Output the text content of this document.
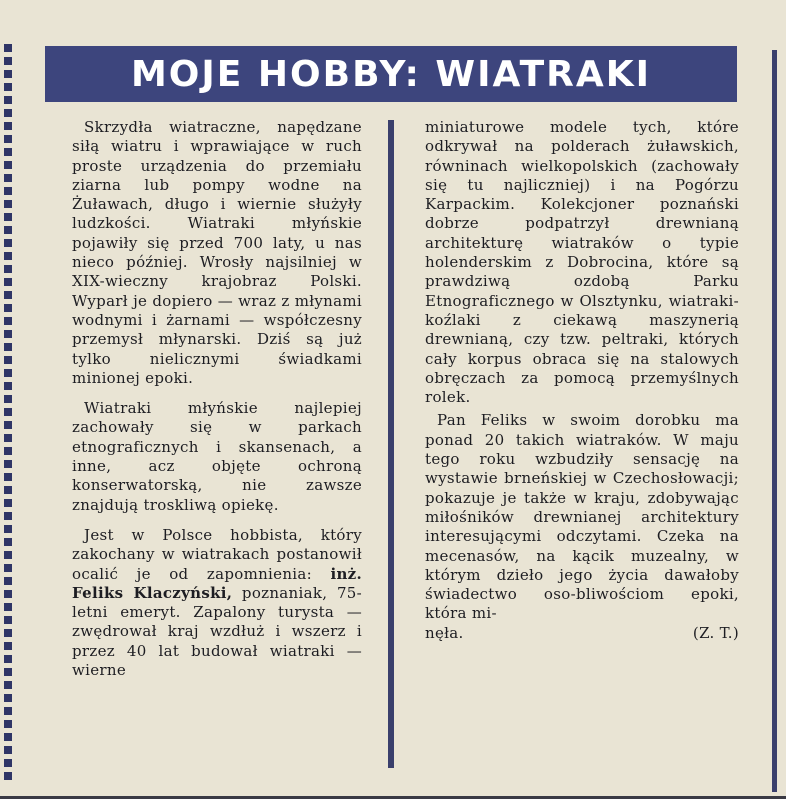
MOJE HOBBY: WIATRAKI

Skrzydła wiatraczne, napędzane siłą wiatru i wprawiające w ruch proste urządzenia do przemiału ziarna lub pompy wodne na Żuławach, długo i wiernie służyły ludzkości. Wiatraki młyńskie pojawiły się przed 700 laty, u nas nieco później. Wrosły najsilniej w XIX-wieczny krajobraz Polski. Wyparł je dopiero — wraz z młynami wodnymi i żarnami — współczesny przemysł młynarski. Dziś są już tylko nielicznymi świadkami minionej epoki.

Wiatraki młyńskie najlepiej zachowały się w parkach etnograficznych i skansenach, a inne, acz objęte ochroną konserwatorską, nie zawsze znajdują troskliwą opiekę.

Jest w Polsce hobbista, który zakochany w wiatrakach postanowił ocalić je od zapomnienia: inż. Feliks Klaczyński, poznaniak, 75-letni emeryt. Zapalony turysta — zwędrował kraj wzdłuż i wszerz i przez 40 lat budował wiatraki — wierne

miniaturowe modele tych, które odkrywał na polderach żuławskich, równinach wielkopolskich (zachowały się tu najliczniej) i na Pogórzu Karpackim. Kolekcjoner poznański dobrze podpatrzył drewnianą architekturę wiatraków o typie holenderskim z Dobrocina, które są prawdziwą ozdobą Parku Etnograficznego w Olsztynku, wiatraki-koźlaki z ciekawą maszynerią drewnianą, czy tzw. peltraki, których cały korpus obraca się na stalowych obręczach za pomocą przemyślnych rolek.

Pan Feliks w swoim dorobku ma ponad 20 takich wiatraków. W maju tego roku wzbudziły sensację na wystawie brneńskiej w Czechosłowacji; pokazuje je także w kraju, zdobywając miłośników drewnianej architektury interesującymi odczytami. Czeka na mecenasów, na kącik muzealny, w którym dzieło jego życia dawałoby świadectwo oso-bliwościom epoki, która mi-

nęła.	(Z. T.)
